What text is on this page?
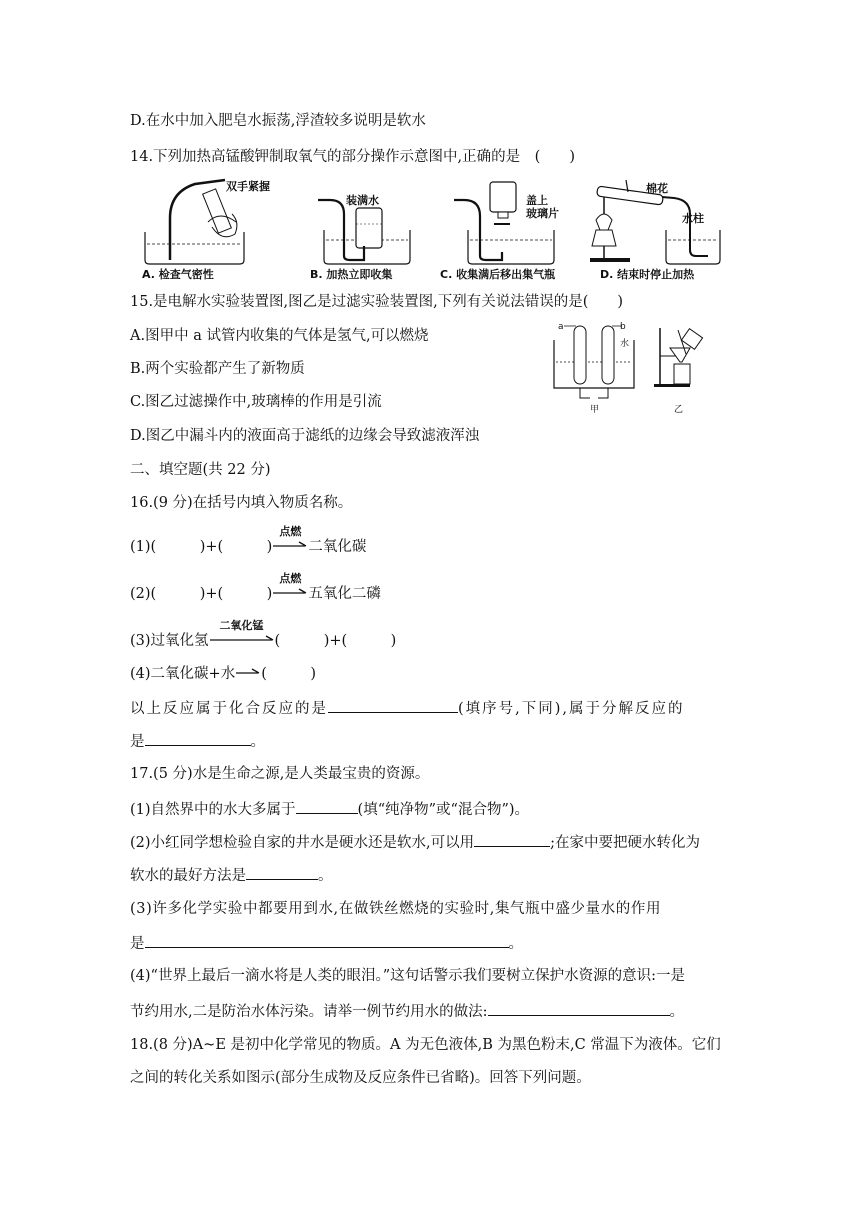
D.在水中加入肥皂水振荡,浮渣较多说明是软水
14.下列加热高锰酸钾制取氧气的部分操作示意图中,正确的是　(　　)
双手紧握
A. 检查气密性
装满水
B. 加热立即收集
盖上
玻璃片
C. 收集满后移出集气瓶
棉花
水柱
D. 结束时停止加热
15.是电解水实验装置图,图乙是过滤实验装置图,下列有关说法错误的是(　　)
A.图甲中 a 试管内收集的气体是氢气,可以燃烧
B.两个实验都产生了新物质
C.图乙过滤操作中,玻璃棒的作用是引流
D.图乙中漏斗内的液面高于滤纸的边缘会导致滤液浑浊
a	b
水
甲	乙
二、填空题(共 22 分)
16.(9 分)在括号内填入物质名称。
(1)(　　　)+(　　　)
点燃
二氧化碳
(2)(　　　)+(　　　)
点燃
五氧化二磷
(3)过氧化氢
二氧化锰
(　　　)+(　　　)
(4)二氧化碳+水 (　　　)
以上反应属于化合反应的是	(填序号,下同),属于分解反应的
是	。
17.(5 分)水是生命之源,是人类最宝贵的资源。
(1)自然界中的水大多属于	(填“纯净物”或“混合物”)。
(2)小红同学想检验自家的井水是硬水还是软水,可以用	;在家中要把硬水转化为
软水的最好方法是	。
(3)许多化学实验中都要用到水,在做铁丝燃烧的实验时,集气瓶中盛少量水的作用
是	。
(4)“世界上最后一滴水将是人类的眼泪。”这句话警示我们要树立保护水资源的意识:一是
节约用水,二是防治水体污染。请举一例节约用水的做法:	。
18.(8 分)A~E 是初中化学常见的物质。A 为无色液体,B 为黑色粉末,C 常温下为液体。它们
之间的转化关系如图示(部分生成物及反应条件已省略)。回答下列问题。
